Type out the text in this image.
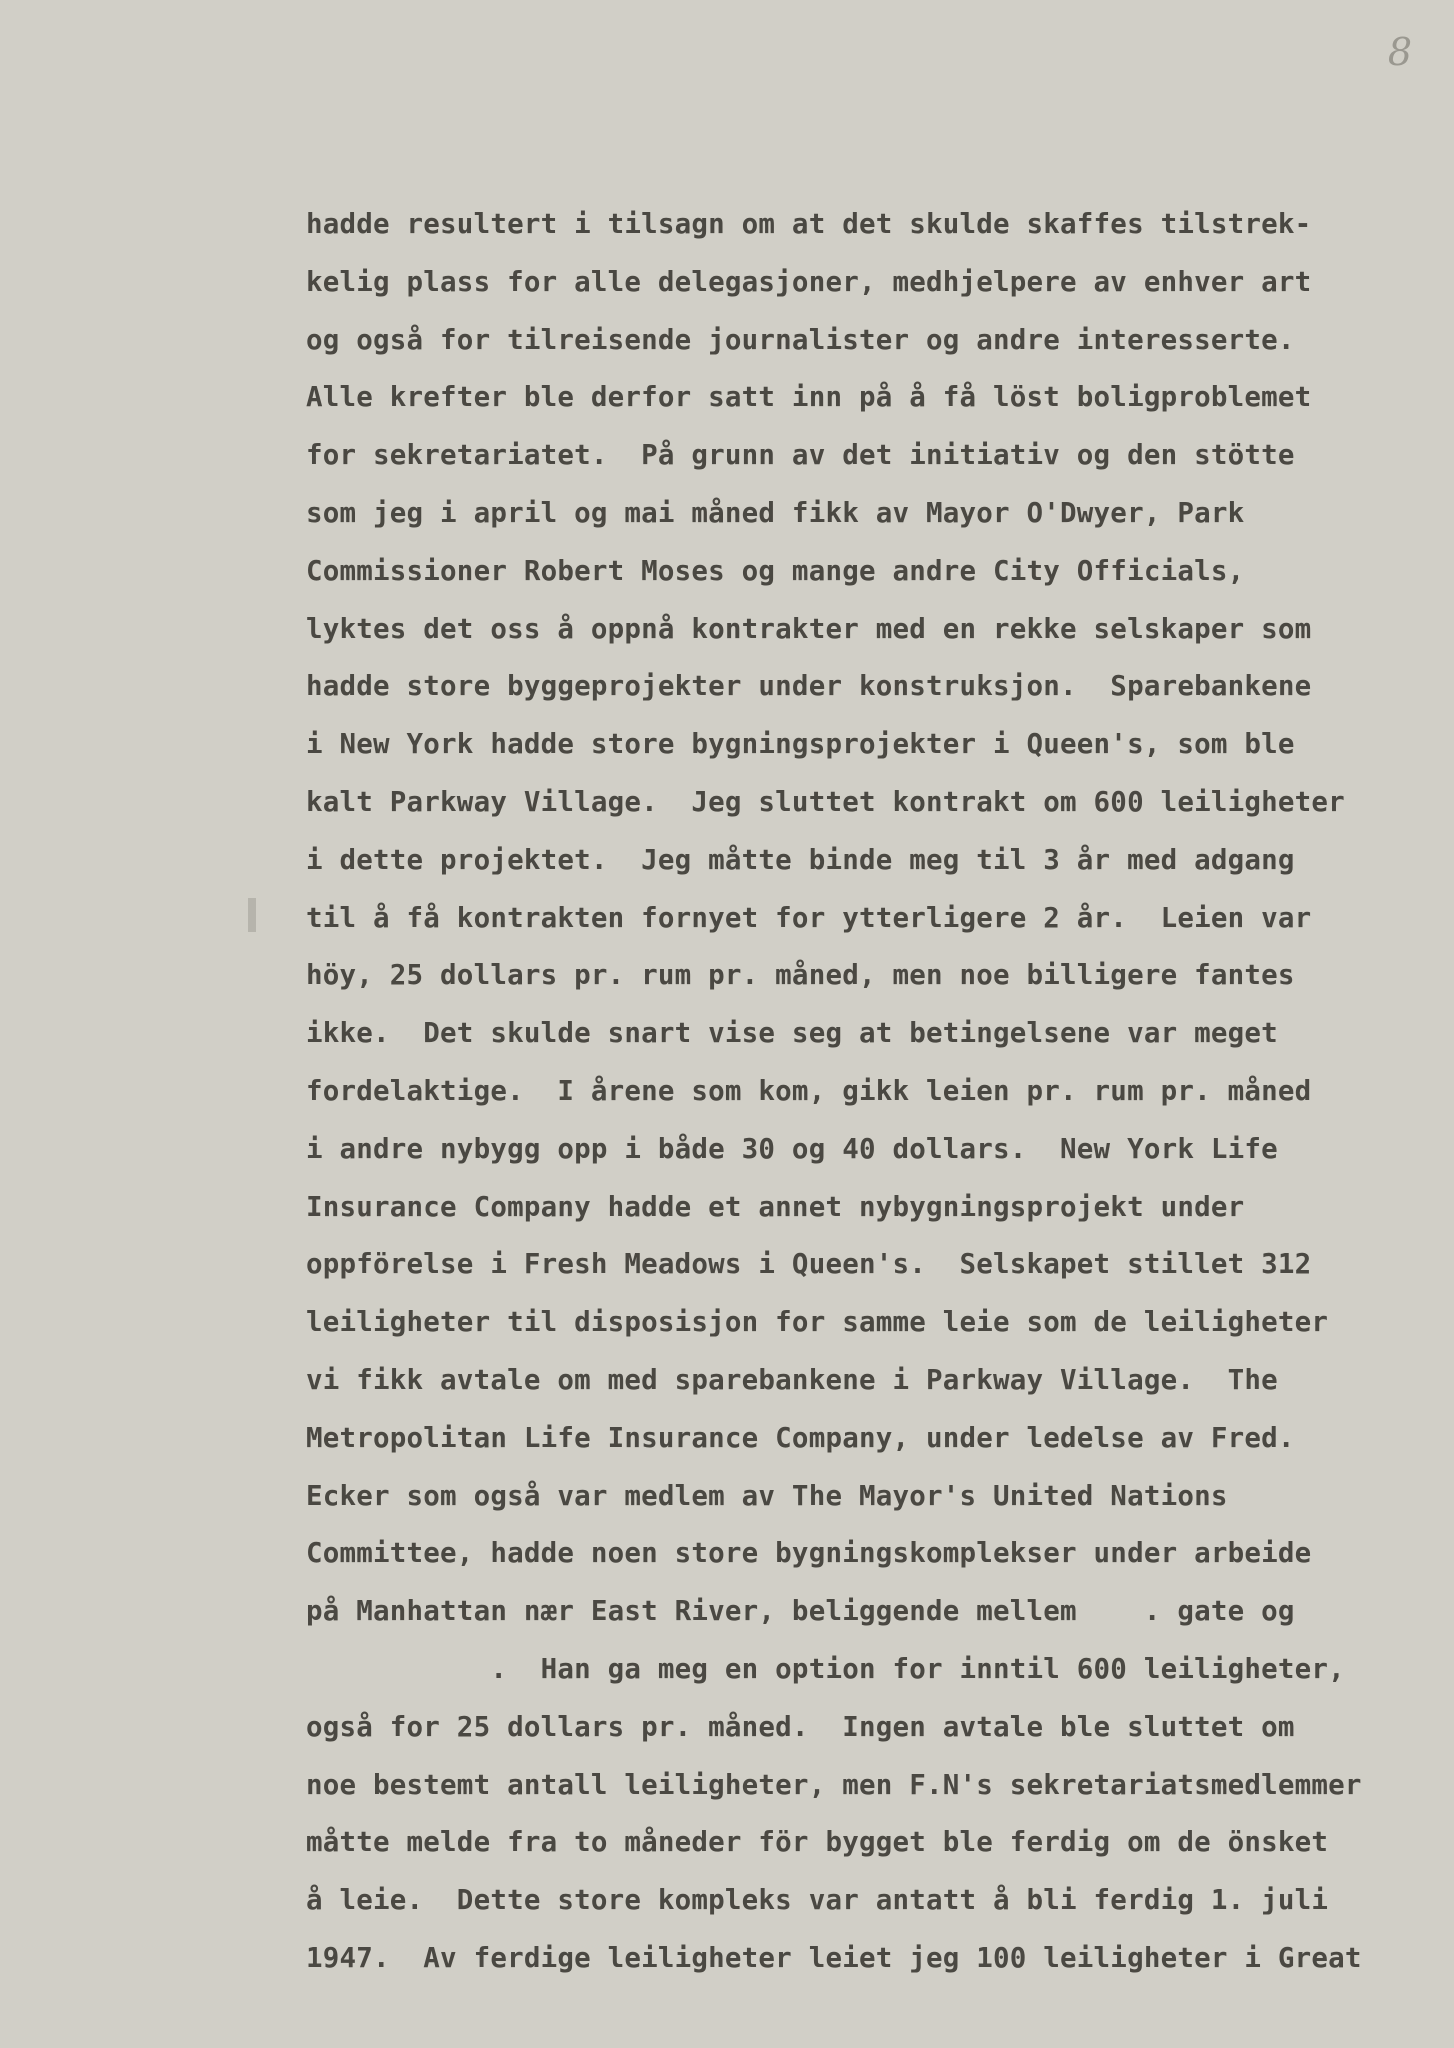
8
hadde resultert i tilsagn om at det skulde skaffes tilstrek-
kelig plass for alle delegasjoner, medhjelpere av enhver art
og også for tilreisende journalister og andre interesserte.
Alle krefter ble derfor satt inn på å få löst boligproblemet
for sekretariatet.  På grunn av det initiativ og den stötte
som jeg i april og mai måned fikk av Mayor O'Dwyer, Park
Commissioner Robert Moses og mange andre City Officials,
lyktes det oss å oppnå kontrakter med en rekke selskaper som
hadde store byggeprojekter under konstruksjon.  Sparebankene
i New York hadde store bygningsprojekter i Queen's, som ble
kalt Parkway Village.  Jeg sluttet kontrakt om 600 leiligheter
i dette projektet.  Jeg måtte binde meg til 3 år med adgang
til å få kontrakten fornyet for ytterligere 2 år.  Leien var
höy, 25 dollars pr. rum pr. måned, men noe billigere fantes
ikke.  Det skulde snart vise seg at betingelsene var meget
fordelaktige.  I årene som kom, gikk leien pr. rum pr. måned
i andre nybygg opp i både 30 og 40 dollars.  New York Life
Insurance Company hadde et annet nybygningsprojekt under
oppförelse i Fresh Meadows i Queen's.  Selskapet stillet 312
leiligheter til disposisjon for samme leie som de leiligheter
vi fikk avtale om med sparebankene i Parkway Village.  The
Metropolitan Life Insurance Company, under ledelse av Fred.
Ecker som også var medlem av The Mayor's United Nations
Committee, hadde noen store bygningskomplekser under arbeide
på Manhattan nær East River, beliggende mellem    . gate og
.  Han ga meg en option for inntil 600 leiligheter,
også for 25 dollars pr. måned.  Ingen avtale ble sluttet om
noe bestemt antall leiligheter, men F.N's sekretariatsmedlemmer
måtte melde fra to måneder för bygget ble ferdig om de önsket
å leie.  Dette store kompleks var antatt å bli ferdig 1. juli
1947.  Av ferdige leiligheter leiet jeg 100 leiligheter i Great
